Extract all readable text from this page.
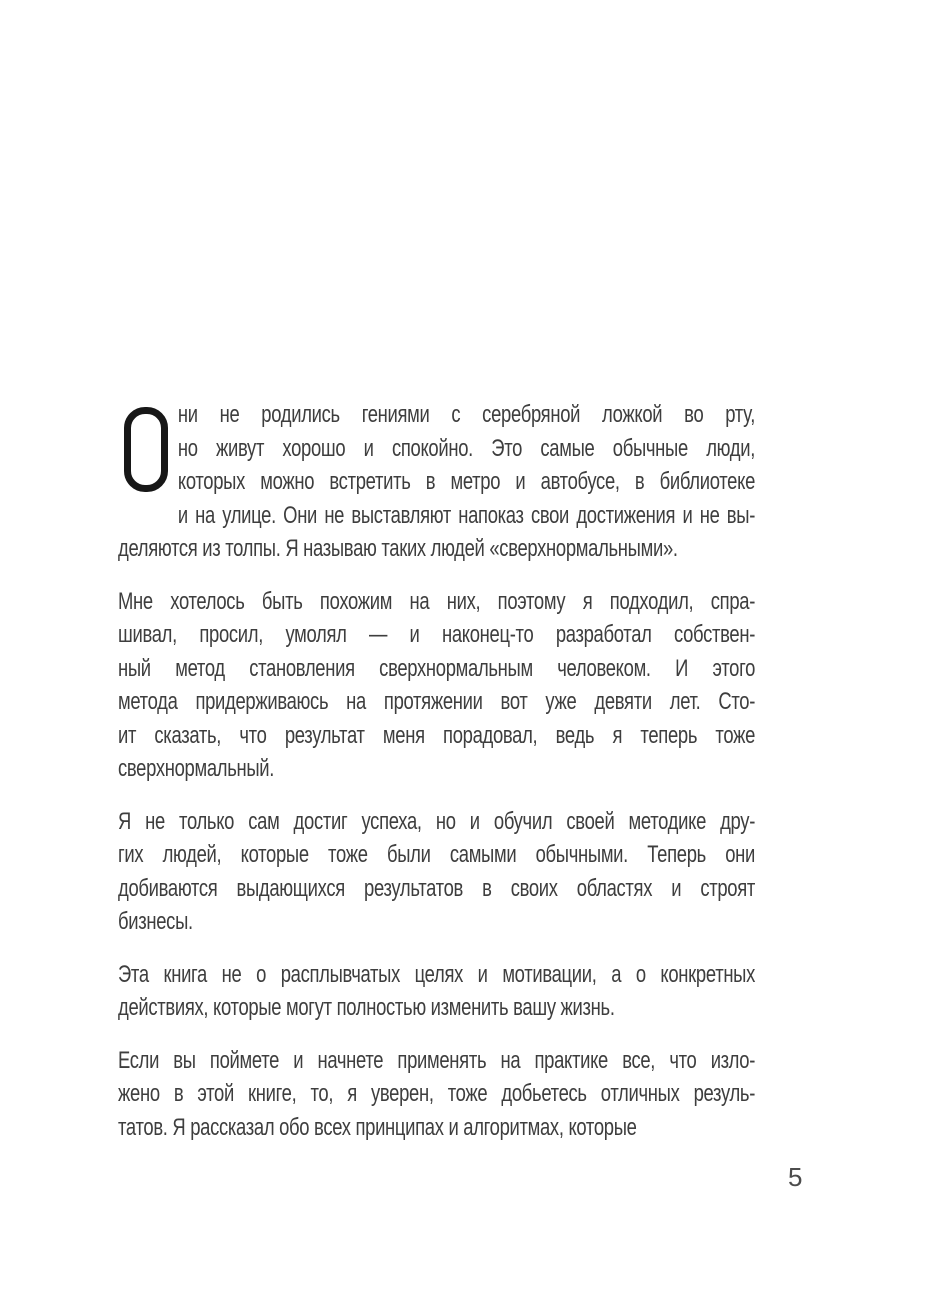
ни не родились гениями с серебряной ложкой во рту,
но живут хорошо и спокойно. Это самые обычные люди,
которых можно встретить в метро и автобусе, в библиотеке
и на улице. Они не выставляют напоказ свои достижения и не вы-
деляются из толпы. Я называю таких людей «сверхнормальными».
Мне хотелось быть похожим на них, поэтому я подходил, спра-
шивал, просил, умолял — и наконец-то разработал собствен-
ный метод становления сверхнормальным человеком. И этого
метода придерживаюсь на протяжении вот уже девяти лет. Сто-
ит сказать, что результат меня порадовал, ведь я теперь тоже
сверхнормальный.
Я не только сам достиг успеха, но и обучил своей методике дру-
гих людей, которые тоже были самыми обычными. Теперь они
добиваются выдающихся результатов в своих областях и строят
бизнесы.
Эта книга не о расплывчатых целях и мотивации, а о конкретных
действиях, которые могут полностью изменить вашу жизнь.
Если вы поймете и начнете применять на практике все, что изло-
жено в этой книге, то, я уверен, тоже добьетесь отличных резуль-
татов. Я рассказал обо всех принципах и алгоритмах, которые
5
